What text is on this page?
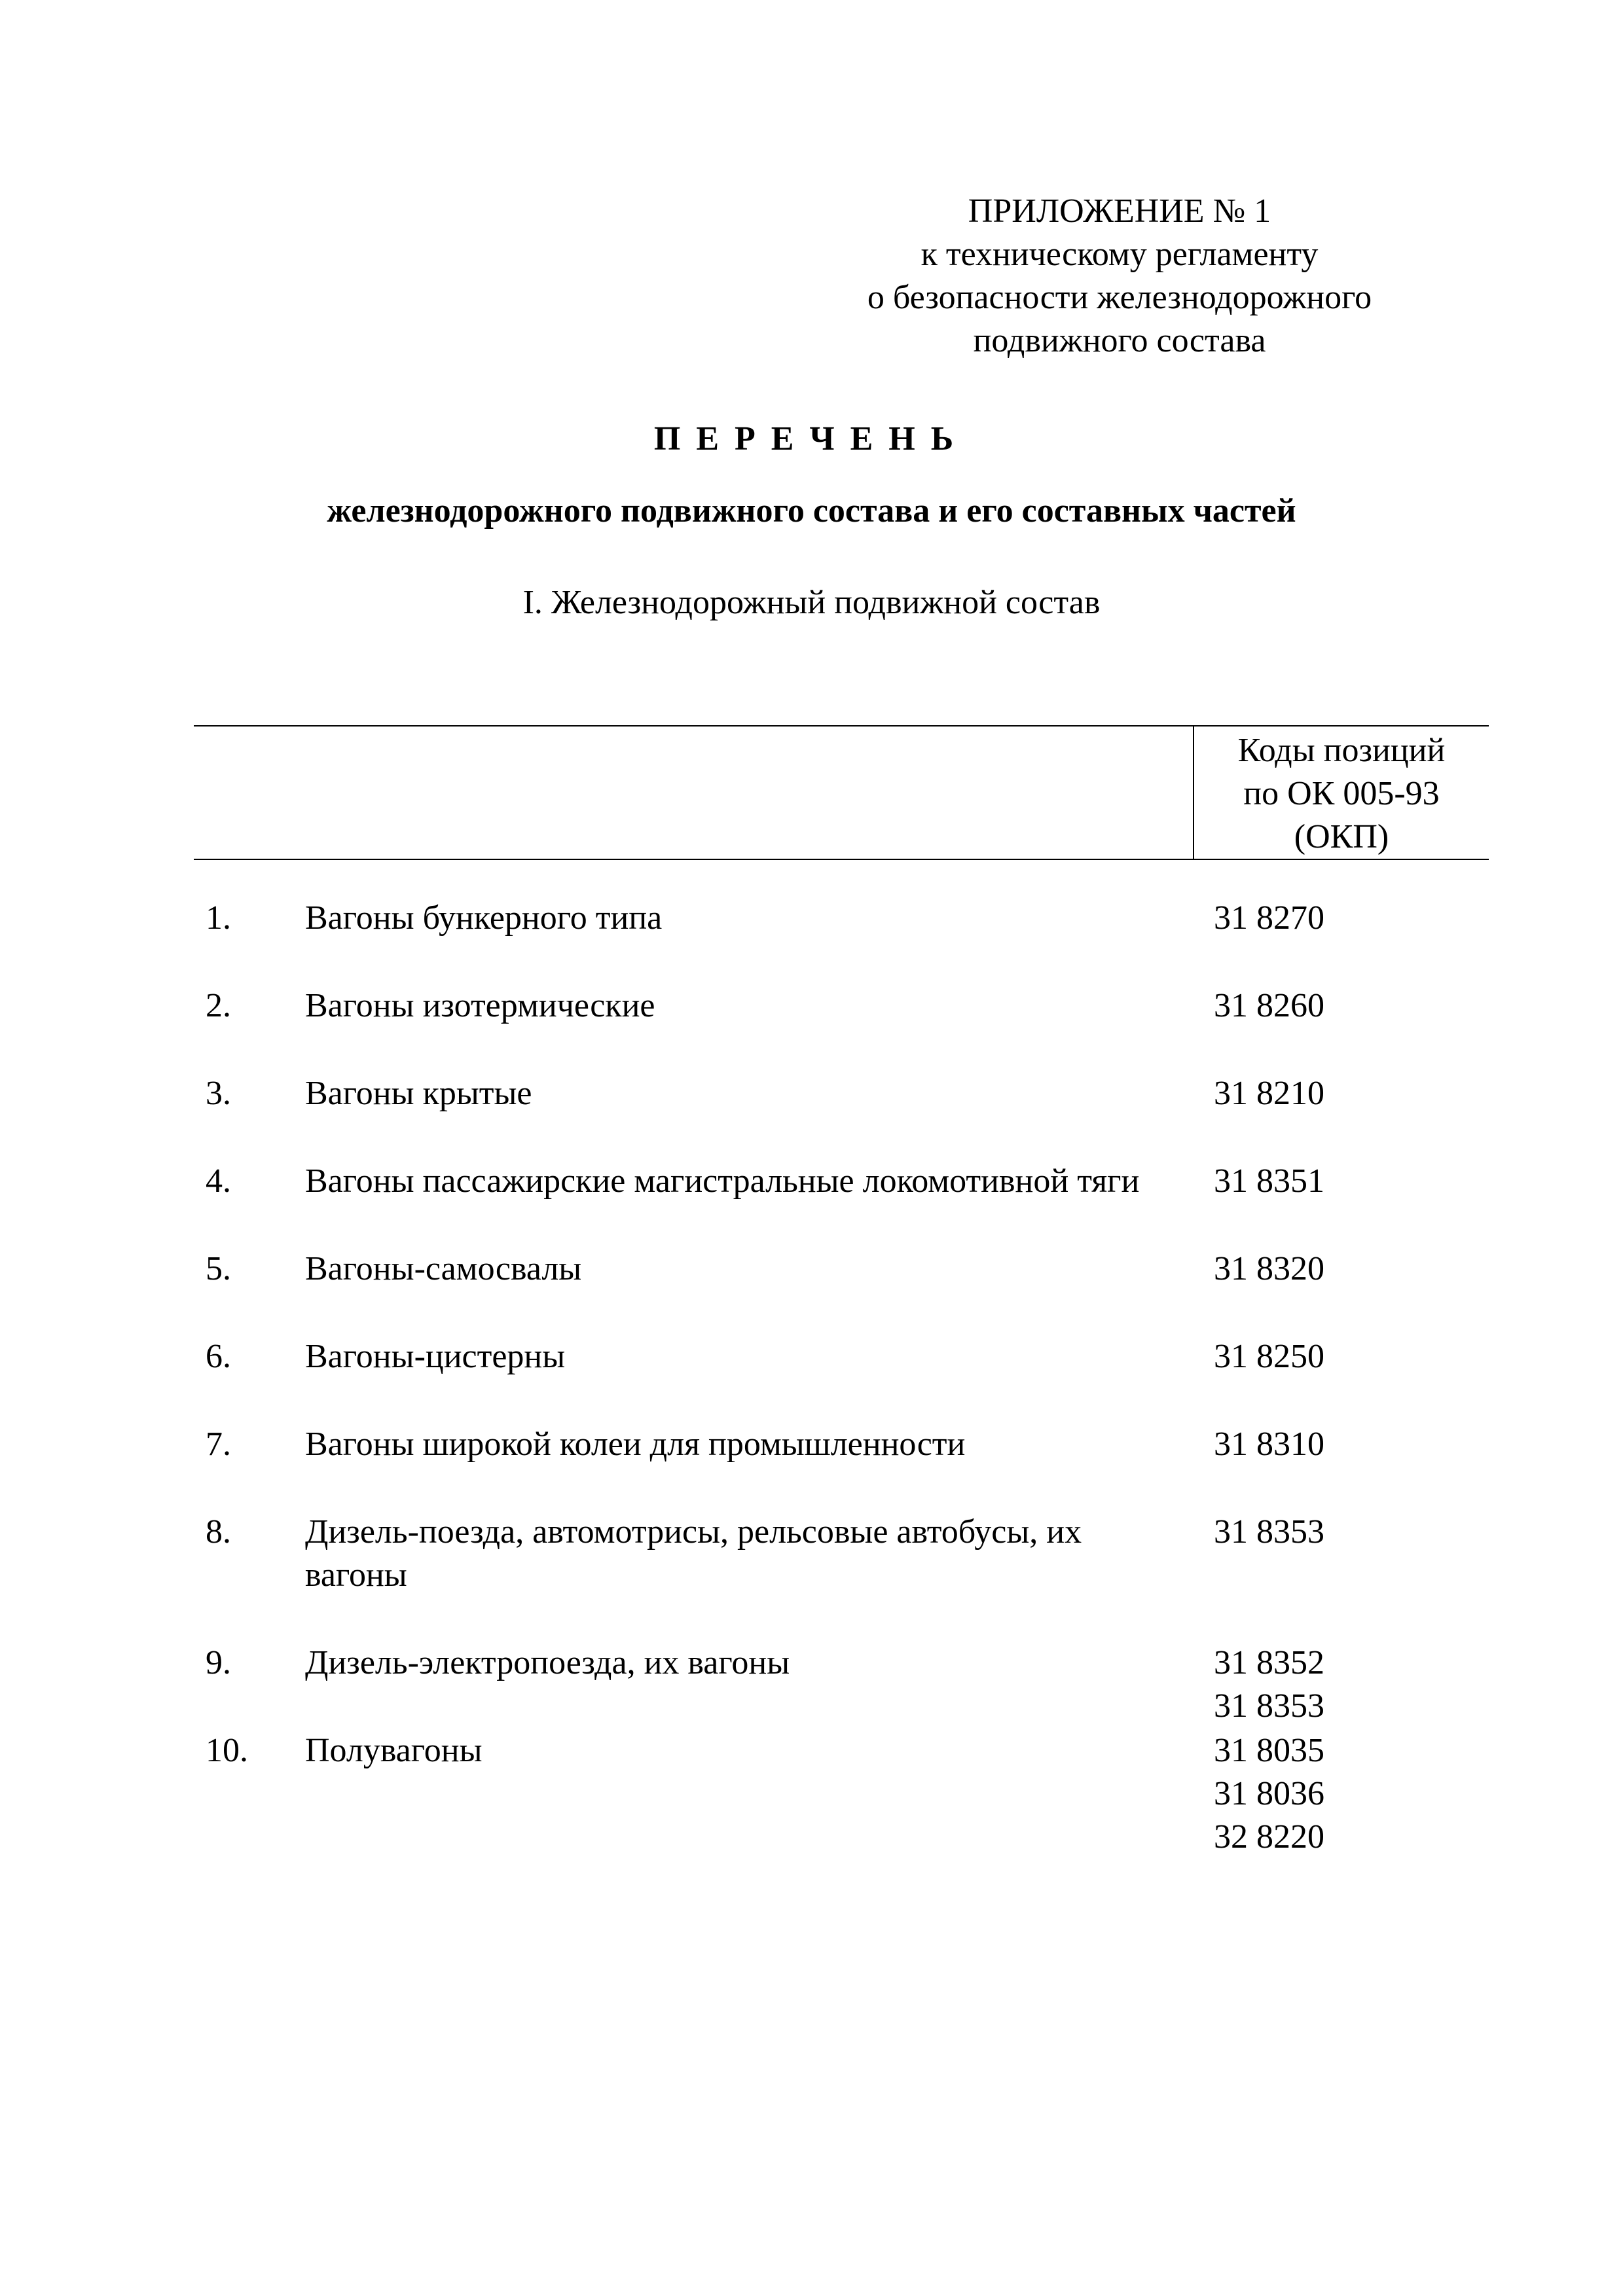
ПРИЛОЖЕНИЕ № 1
к техническому регламенту
о безопасности железнодорожного
подвижного состава
ПЕРЕЧЕНЬ
железнодорожного подвижного состава и его составных частей
I. Железнодорожный подвижной состав
Коды позиций
по ОК 005-93
(ОКП)
1. Вагоны бункерного типа	31 8270
2. Вагоны изотермические	31 8260
3. Вагоны крытые	31 8210
4. Вагоны пассажирские магистральные локомотивной тяги	31 8351
5. Вагоны-самосвалы	31 8320
6. Вагоны-цистерны	31 8250
7. Вагоны широкой колеи для промышленности	31 8310
8. Дизель-поезда, автомотрисы, рельсовые автобусы, их вагоны
31 8353
9. Дизель-электропоезда, их вагоны	31 8352
31 8353
10. Полувагоны	31 8035
31 8036
32 8220
